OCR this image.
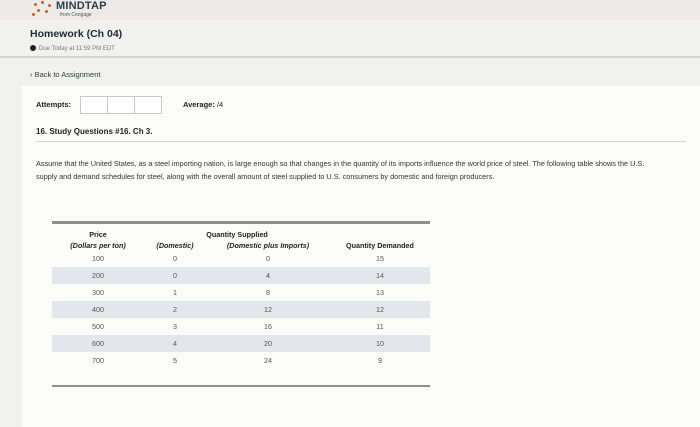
MINDTAP
from Cengage
Homework (Ch 04)
Due Today at 11:59 PM EDT
‹ Back to Assignment
Attempts:	Average: /4
16. Study Questions #16. Ch 3.
Assume that the United States, as a steel importing nation, is large enough so that changes in the quantity of its imports influence the world price of steel. The following table shows the U.S. supply and demand schedules for steel, along with the overall amount of steel supplied to U.S. consumers by domestic and foreign producers.
Price	Quantity Supplied		
(Dollars per ton)	(Domestic)	(Domestic plus Imports)	Quantity Demanded
100	0	0	15
200	0	4	14
300	1	8	13
400	2	12	12
500	3	16	11
600	4	20	10
700	5	24	9
